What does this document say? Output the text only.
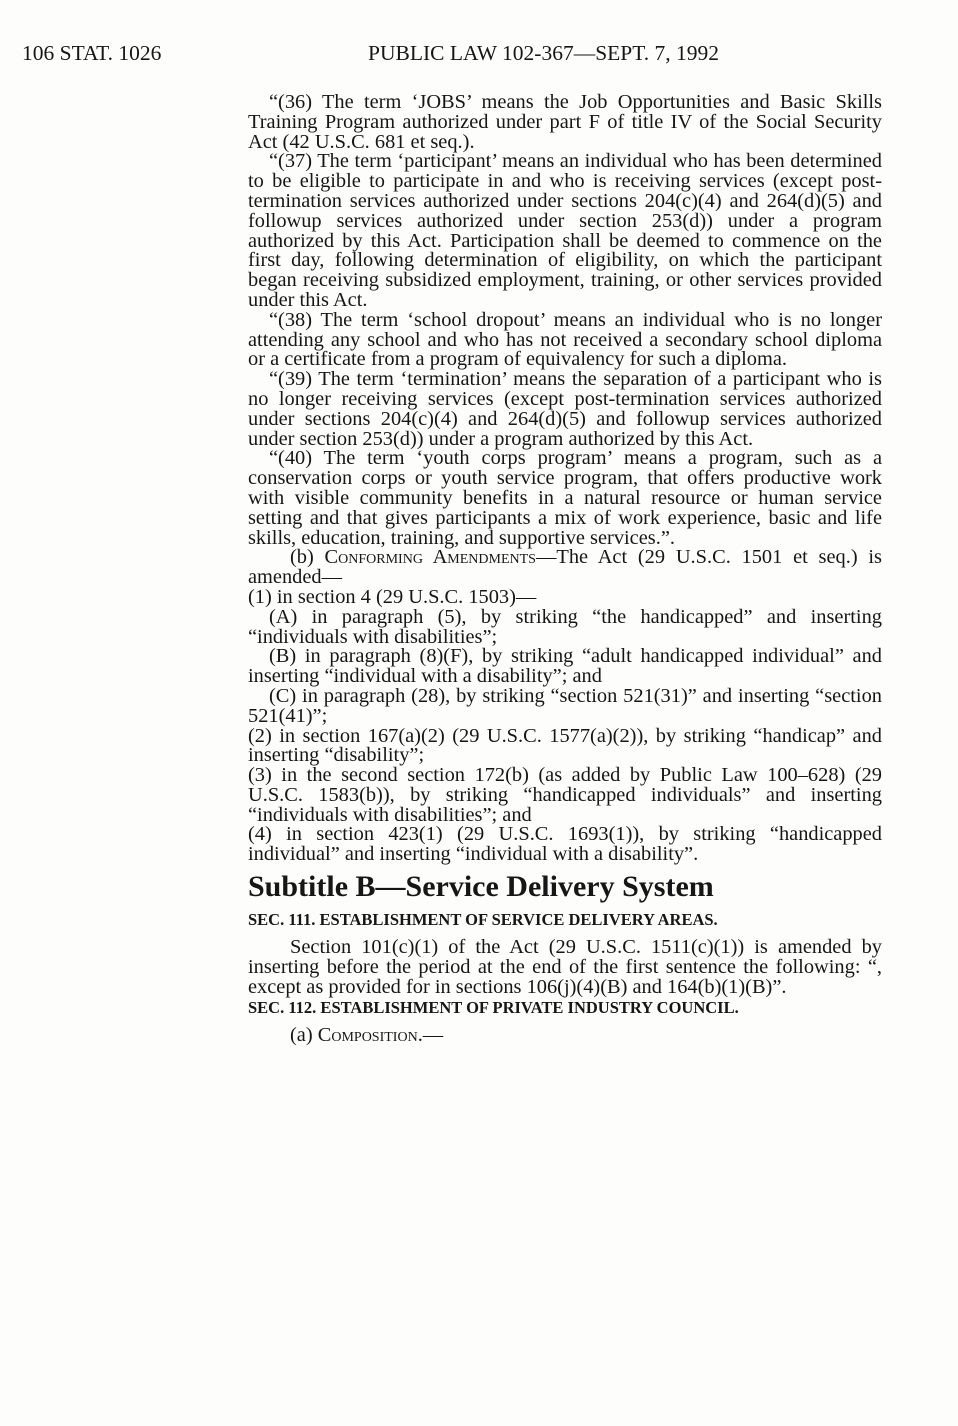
106 STAT. 1026	PUBLIC LAW 102-367—SEPT. 7, 1992

“(36) The term ‘JOBS’ means the Job Opportunities and Basic Skills Training Program authorized under part F of title IV of the Social Security Act (42 U.S.C. 681 et seq.).

“(37) The term ‘participant’ means an individual who has been determined to be eligible to participate in and who is receiving services (except post-termination services authorized under sections 204(c)(4) and 264(d)(5) and followup services authorized under section 253(d)) under a program authorized by this Act. Participation shall be deemed to commence on the first day, following determination of eligibility, on which the participant began receiving subsidized employment, training, or other services provided under this Act.

“(38) The term ‘school dropout’ means an individual who is no longer attending any school and who has not received a secondary school diploma or a certificate from a program of equivalency for such a diploma.

“(39) The term ‘termination’ means the separation of a participant who is no longer receiving services (except post-termination services authorized under sections 204(c)(4) and 264(d)(5) and followup services authorized under section 253(d)) under a program authorized by this Act.

“(40) The term ‘youth corps program’ means a program, such as a conservation corps or youth service program, that offers productive work with visible community benefits in a natural resource or human service setting and that gives participants a mix of work experience, basic and life skills, education, training, and supportive services.”.

(b) Conforming Amendments—The Act (29 U.S.C. 1501 et seq.) is amended—

(1) in section 4 (29 U.S.C. 1503)—

(A) in paragraph (5), by striking “the handicapped” and inserting “individuals with disabilities”;

(B) in paragraph (8)(F), by striking “adult handicapped individual” and inserting “individual with a disability”; and

(C) in paragraph (28), by striking “section 521(31)” and inserting “section 521(41)”;

(2) in section 167(a)(2) (29 U.S.C. 1577(a)(2)), by striking “handicap” and inserting “disability”;

(3) in the second section 172(b) (as added by Public Law 100–628) (29 U.S.C. 1583(b)), by striking “handicapped individuals” and inserting “individuals with disabilities”; and

(4) in section 423(1) (29 U.S.C. 1693(1)), by striking “handicapped individual” and inserting “individual with a disability”.

Subtitle B—Service Delivery System

SEC. 111. ESTABLISHMENT OF SERVICE DELIVERY AREAS.

Section 101(c)(1) of the Act (29 U.S.C. 1511(c)(1)) is amended by inserting before the period at the end of the first sentence the following: “, except as provided for in sections 106(j)(4)(B) and 164(b)(1)(B)”.

SEC. 112. ESTABLISHMENT OF PRIVATE INDUSTRY COUNCIL.

(a) Composition.—
